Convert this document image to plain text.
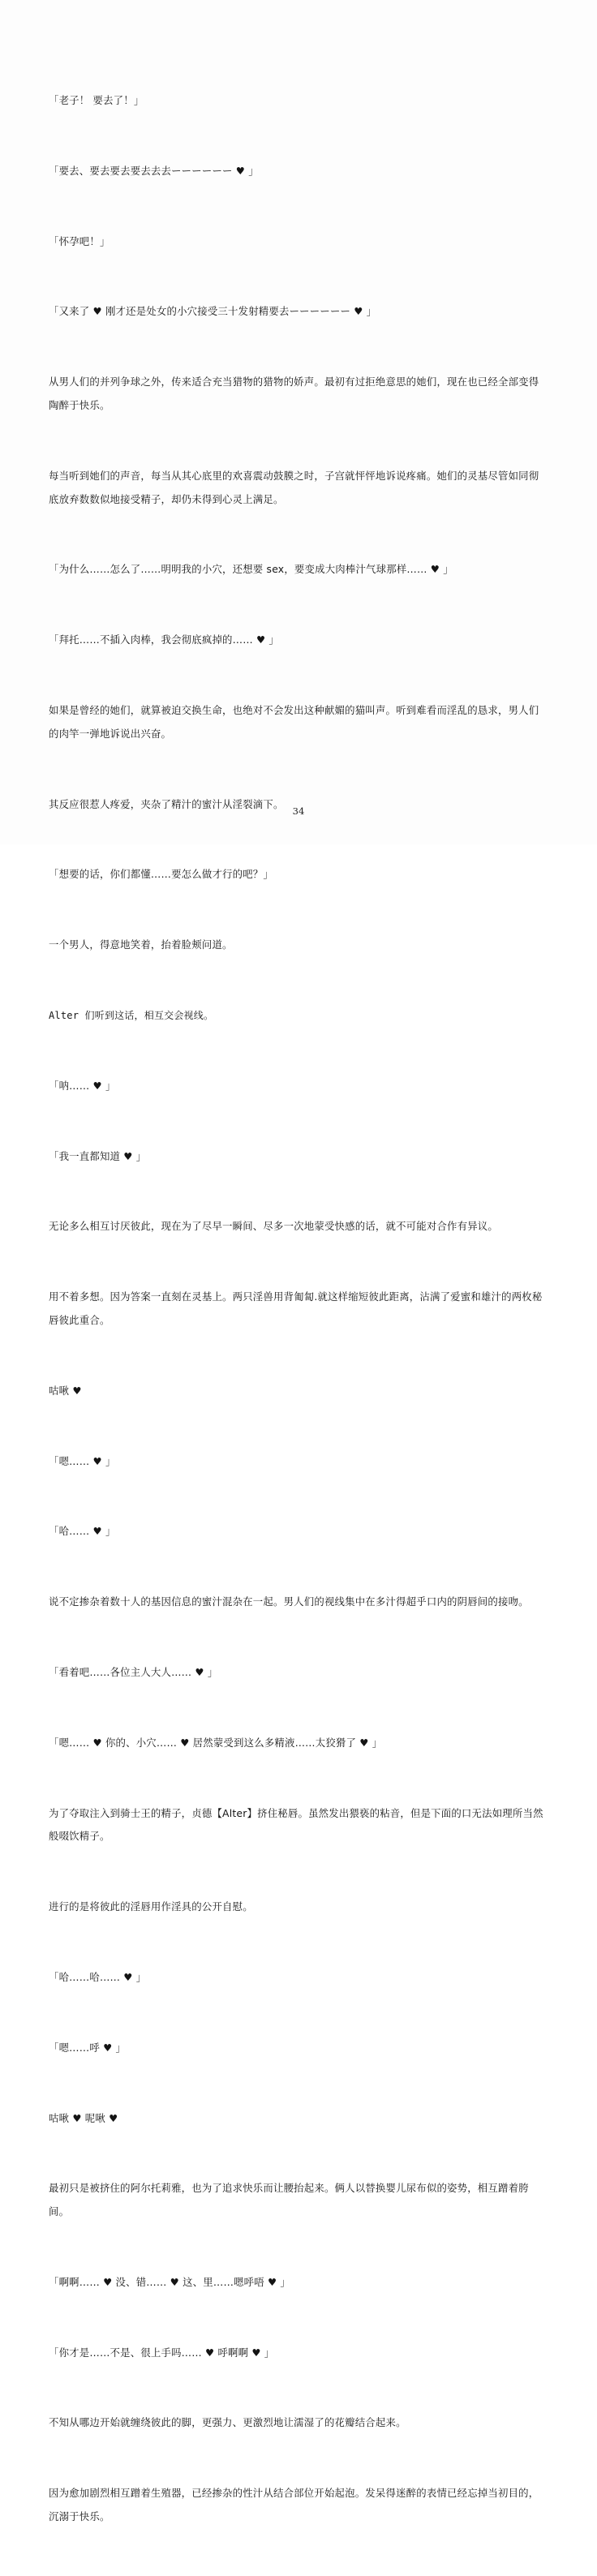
「老子！ 要去了！」

「要去、要去要去要去去去ーーーーーー ♥ 」

「怀孕吧！」

「又来了 ♥ 刚才还是处女的小穴接受三十发射精要去ーーーーーー ♥ 」

从男人们的并列争球之外，传来适合充当猎物的猎物的娇声。最初有过拒绝意思的她们，现在也已经全部变得陶醉于快乐。

每当听到她们的声音，每当从其心底里的欢喜震动鼓膜之时，子宫就怦怦地诉说疼痛。她们的灵基尽管如同彻底放弃数数似地接受精子，却仍未得到心灵上满足。

「为什么……怎么了……明明我的小穴，还想要 sex，要变成大肉棒汁气球那样…… ♥ 」

「拜托……不插入肉棒，我会彻底疯掉的…… ♥ 」

如果是曾经的她们，就算被迫交换生命，也绝对不会发出这种献媚的猫叫声。听到难看而淫乱的恳求，男人们的肉竿一弹地诉说出兴奋。

其反应很惹人疼爱，夹杂了精汁的蜜汁从淫裂滴下。

「想要的话，你们都懂……要怎么做才行的吧？」

一个男人，得意地笑着，抬着脸颊问道。

Alter 们听到这话，相互交会视线。

「呐…… ♥ 」

「我一直都知道 ♥ 」

无论多么相互讨厌彼此，现在为了尽早一瞬间、尽多一次地蒙受快感的话，就不可能对合作有异议。

用不着多想。因为答案一直刻在灵基上。两只淫兽用背匍匐.就这样缩短彼此距离，沾满了爱蜜和雄汁的两枚秘唇彼此重合。

咕啾 ♥

「嗯…… ♥ 」

「哈…… ♥ 」

说不定掺杂着数十人的基因信息的蜜汁混杂在一起。男人们的视线集中在多汁得超乎口内的阴唇间的接吻。

「看着吧……各位主人大人…… ♥ 」

「嗯…… ♥ 你的、小穴…… ♥ 居然蒙受到这么多精液……太狡猾了 ♥ 」

为了夺取注入到骑士王的精子，贞德【Alter】挤住秘唇。虽然发出猥亵的粘音，但是下面的口无法如理所当然般啜饮精子。

进行的是将彼此的淫唇用作淫具的公开自慰。

「哈……哈…… ♥ 」

「嗯……呼 ♥ 」

咕啾 ♥ 呢啾 ♥

最初只是被挤住的阿尔托莉雅，也为了追求快乐而让腰抬起来。俩人以替换婴儿尿布似的姿势，相互蹭着胯间。

「啊啊…… ♥ 没、错…… ♥ 这、里……嗯呼唔 ♥ 」

「你才是……不是、很上手吗…… ♥ 呼啊啊 ♥ 」

不知从哪边开始就缠绕彼此的脚，更强力、更激烈地让濡湿了的花瓣结合起来。

因为愈加剧烈相互蹭着生殖器，已经掺杂的性汁从结合部位开始起泡。发呆得迷醉的表情已经忘掉当初目的，沉溺于快乐。

34
